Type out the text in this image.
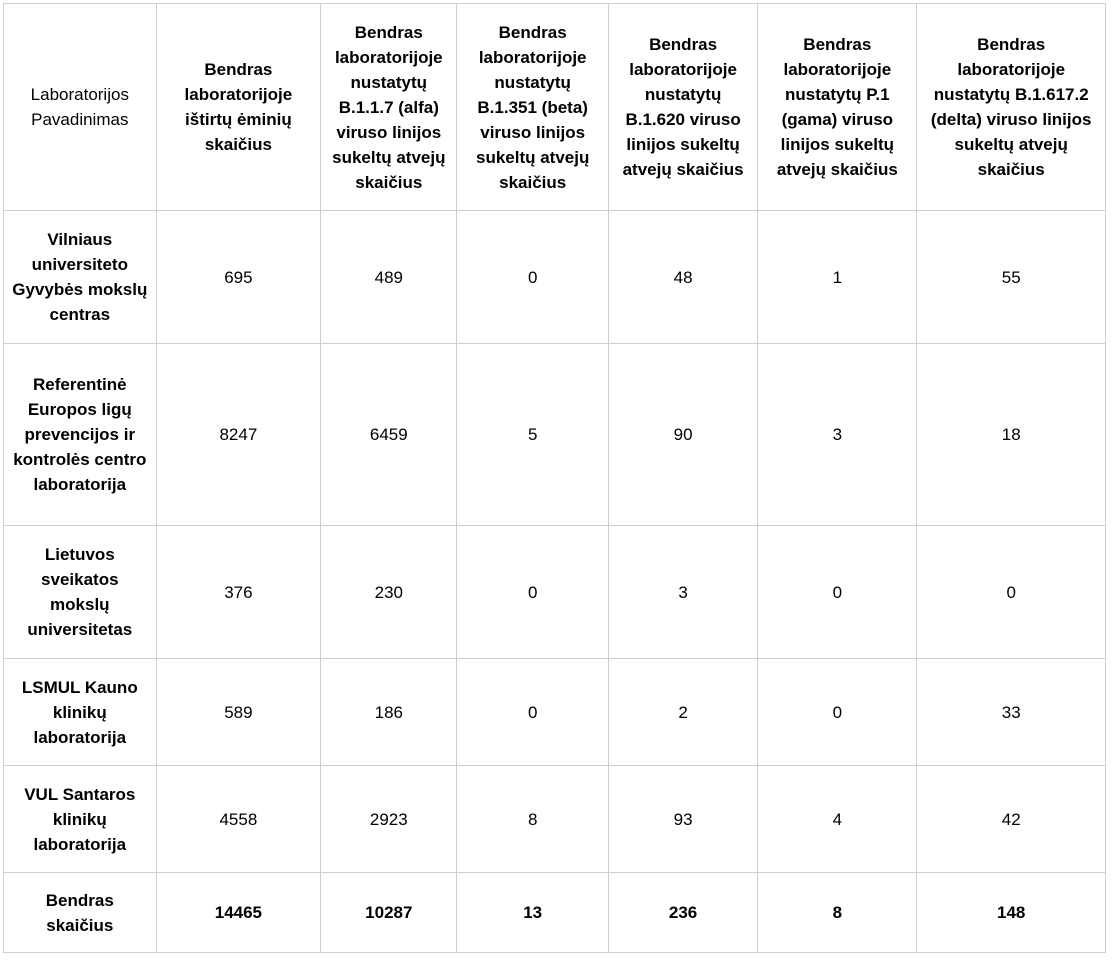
Laboratorijos Pavadinimas	Bendras laboratorijoje ištirtų ėminių skaičius	Bendras laboratorijoje nustatytų B.1.1.7 (alfa) viruso linijos sukeltų atvejų skaičius	Bendras laboratorijoje nustatytų B.1.351 (beta) viruso linijos sukeltų atvejų skaičius	Bendras laboratorijoje nustatytų B.1.620 viruso linijos sukeltų atvejų skaičius	Bendras laboratorijoje nustatytų P.1 (gama) viruso linijos sukeltų atvejų skaičius	Bendras laboratorijoje nustatytų B.1.617.2 (delta) viruso linijos sukeltų atvejų skaičius
Vilniaus universiteto Gyvybės mokslų centras	695	489	0	48	1	55
Referentinė Europos ligų prevencijos ir kontrolės centro laboratorija	8247	6459	5	90	3	18
Lietuvos sveikatos mokslų universitetas	376	230	0	3	0	0
LSMUL Kauno klinikų laboratorija	589	186	0	2	0	33
VUL Santaros klinikų laboratorija	4558	2923	8	93	4	42
Bendras skaičius	14465	10287	13	236	8	148
